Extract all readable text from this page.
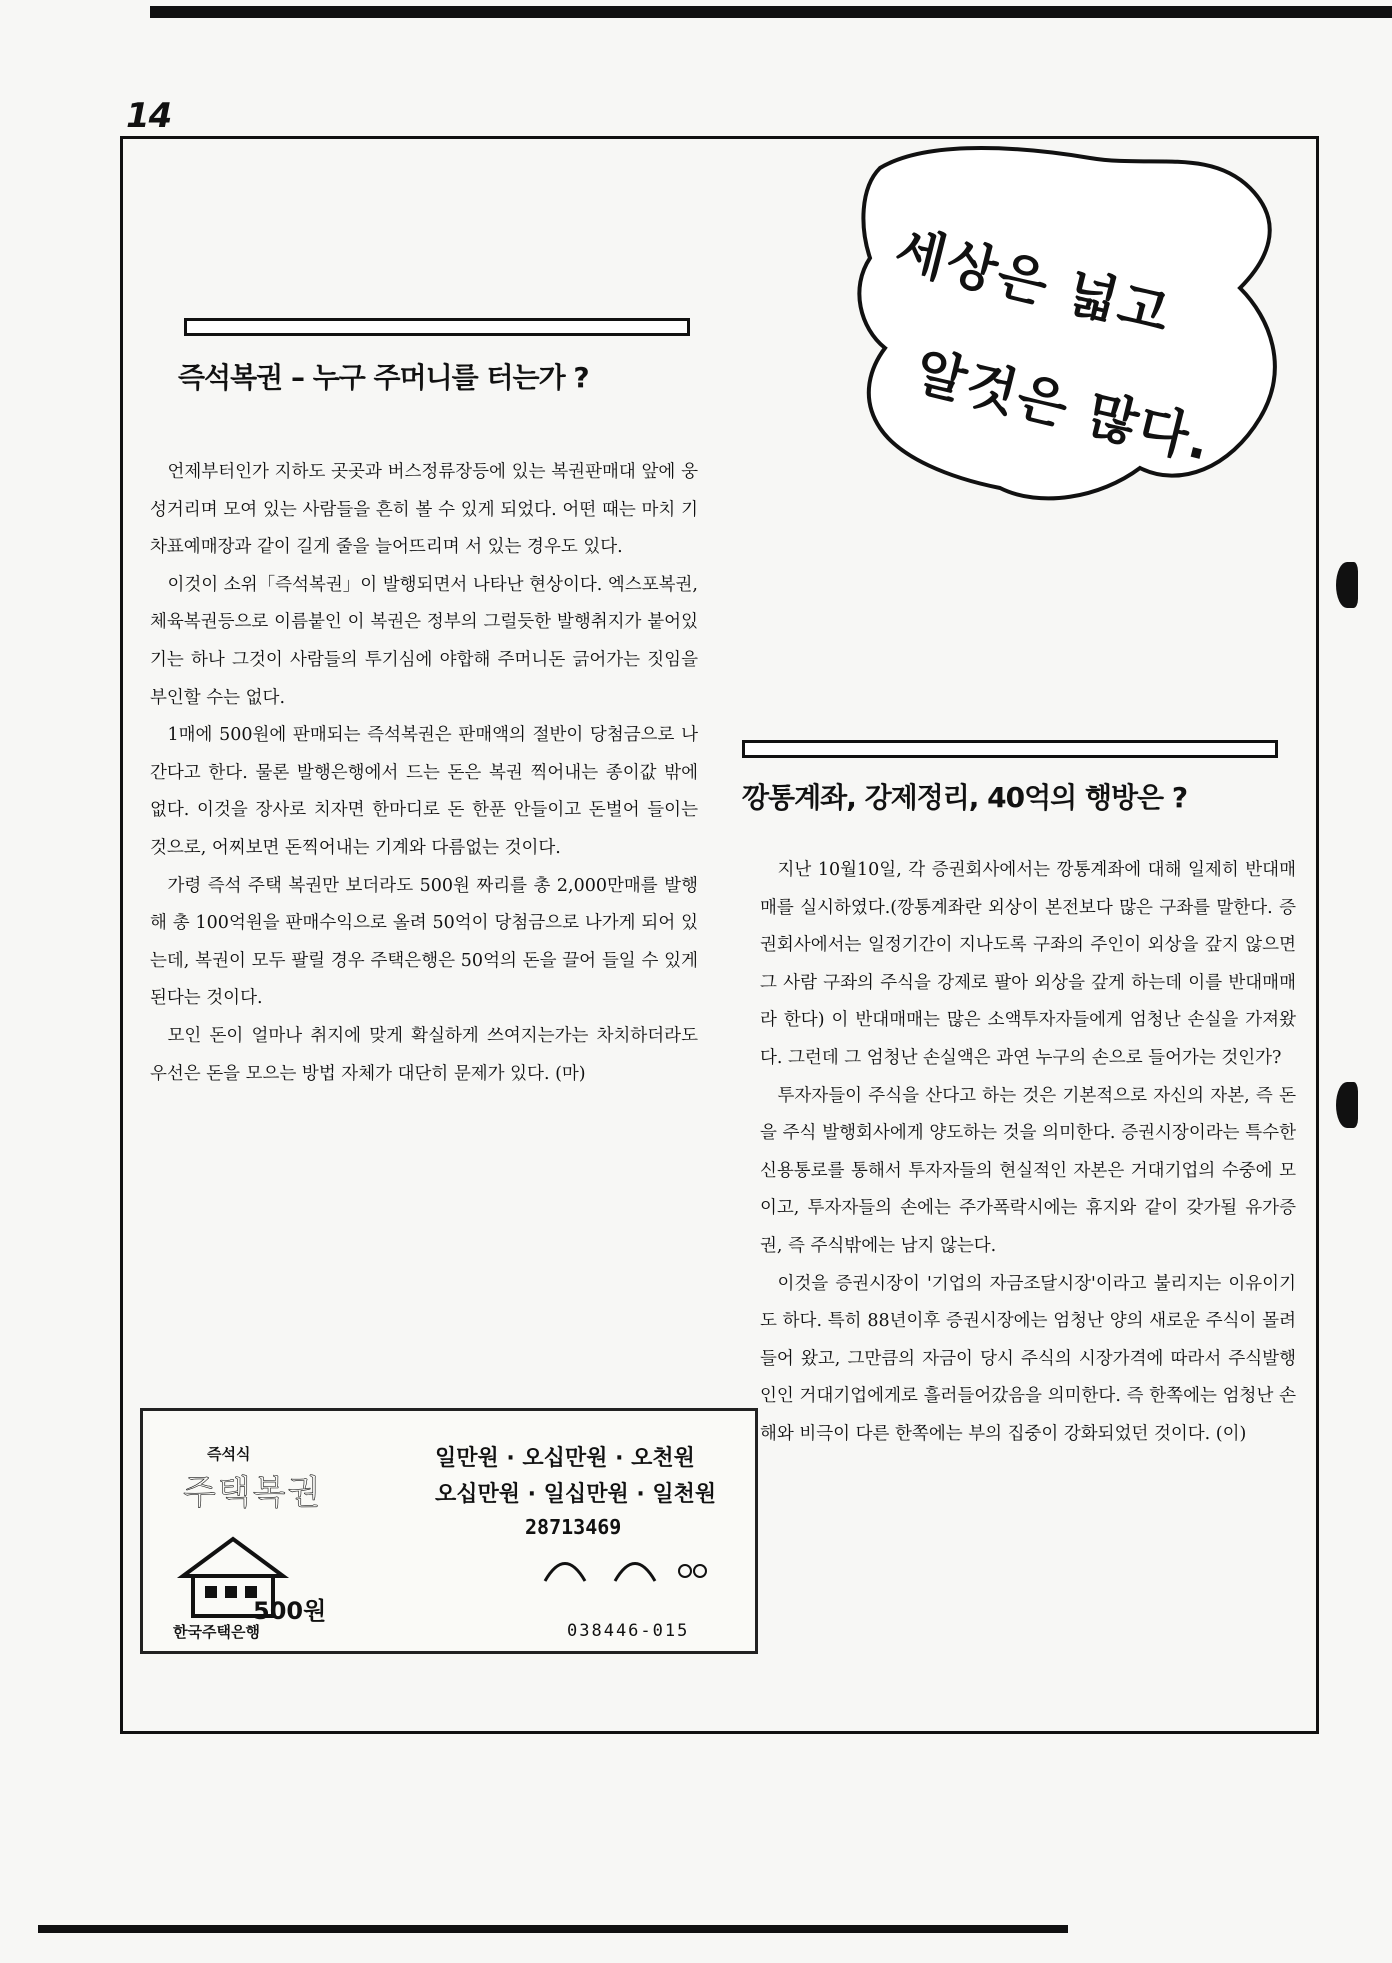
14
세상은 넓고
알것은 많다.
즉석복권 – 누구 주머니를 터는가 ?

언제부터인가 지하도 곳곳과 버스정류장등에 있는 복권판매대 앞에 웅성거리며 모여 있는 사람들을 흔히 볼 수 있게 되었다. 어떤 때는 마치 기차표예매장과 같이 길게 줄을 늘어뜨리며 서 있는 경우도 있다.

이것이 소위「즉석복권」이 발행되면서 나타난 현상이다. 엑스포복권, 체육복권등으로 이름붙인 이 복권은 정부의 그럴듯한 발행취지가 붙어있기는 하나 그것이 사람들의 투기심에 야합해 주머니돈 긁어가는 짓임을 부인할 수는 없다.

1매에 500원에 판매되는 즉석복권은 판매액의 절반이 당첨금으로 나간다고 한다. 물론 발행은행에서 드는 돈은 복권 찍어내는 종이값 밖에 없다. 이것을 장사로 치자면 한마디로 돈 한푼 안들이고 돈벌어 들이는 것으로, 어찌보면 돈찍어내는 기계와 다름없는 것이다.

가령 즉석 주택 복권만 보더라도 500원 짜리를 총 2,000만매를 발행해 총 100억원을 판매수익으로 올려 50억이 당첨금으로 나가게 되어 있는데, 복권이 모두 팔릴 경우 주택은행은 50억의 돈을 끌어 들일 수 있게 된다는 것이다.

모인 돈이 얼마나 취지에 맞게 확실하게 쓰여지는가는 차치하더라도 우선은 돈을 모으는 방법 자체가 대단히 문제가 있다. (마)

즉석식
주택복권
일만원 · 오십만원 · 오천원
오십만원 · 일십만원 · 일천원
28713469
500원
한국주택은행	038446-015
깡통계좌, 강제정리, 40억의 행방은 ?

지난 10월10일, 각 증권회사에서는 깡통계좌에 대해 일제히 반대매매를 실시하였다.(깡통계좌란 외상이 본전보다 많은 구좌를 말한다. 증권회사에서는 일정기간이 지나도록 구좌의 주인이 외상을 갚지 않으면 그 사람 구좌의 주식을 강제로 팔아 외상을 갚게 하는데 이를 반대매매라 한다) 이 반대매매는 많은 소액투자자들에게 엄청난 손실을 가져왔다. 그런데 그 엄청난 손실액은 과연 누구의 손으로 들어가는 것인가?

투자자들이 주식을 산다고 하는 것은 기본적으로 자신의 자본, 즉 돈을 주식 발행회사에게 양도하는 것을 의미한다. 증권시장이라는 특수한 신용통로를 통해서 투자자들의 현실적인 자본은 거대기업의 수중에 모이고, 투자자들의 손에는 주가폭락시에는 휴지와 같이 갖가될 유가증권, 즉 주식밖에는 남지 않는다.

이것을 증권시장이 '기업의 자금조달시장'이라고 불리지는 이유이기도 하다. 특히 88년이후 증권시장에는 엄청난 양의 새로운 주식이 몰려들어 왔고, 그만큼의 자금이 당시 주식의 시장가격에 따라서 주식발행인인 거대기업에게로 흘러들어갔음을 의미한다. 즉 한쪽에는 엄청난 손해와 비극이 다른 한쪽에는 부의 집중이 강화되었던 것이다. (이)
